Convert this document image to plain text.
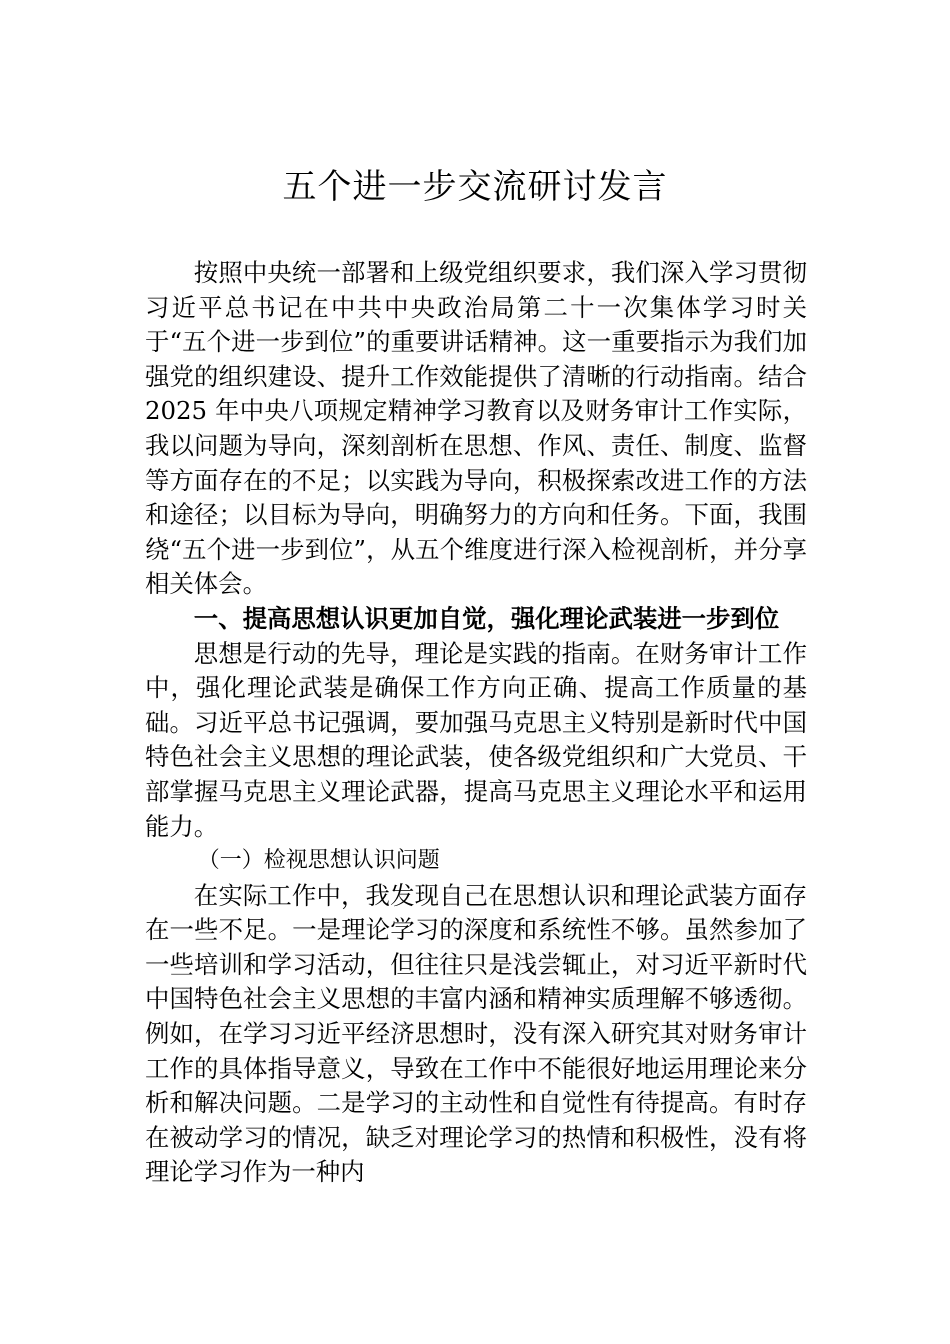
五个进一步交流研讨发言

按照中央统一部署和上级党组织要求，我们深入学习贯彻习近平总书记在中共中央政治局第二十一次集体学习时关于“五个进一步到位”的重要讲话精神。这一重要指示为我们加强党的组织建设、提升工作效能提供了清晰的行动指南。结合 2025 年中央八项规定精神学习教育以及财务审计工作实际，我以问题为导向，深刻剖析在思想、作风、责任、制度、监督等方面存在的不足；以实践为导向，积极探索改进工作的方法和途径；以目标为导向，明确努力的方向和任务。下面，我围绕“五个进一步到位”，从五个维度进行深入检视剖析，并分享相关体会。

一、提高思想认识更加自觉，强化理论武装进一步到位

思想是行动的先导，理论是实践的指南。在财务审计工作中，强化理论武装是确保工作方向正确、提高工作质量的基础。习近平总书记强调，要加强马克思主义特别是新时代中国特色社会主义思想的理论武装，使各级党组织和广大党员、干部掌握马克思主义理论武器，提高马克思主义理论水平和运用能力。

（一）检视思想认识问题

在实际工作中，我发现自己在思想认识和理论武装方面存在一些不足。一是理论学习的深度和系统性不够。虽然参加了一些培训和学习活动，但往往只是浅尝辄止，对习近平新时代中国特色社会主义思想的丰富内涵和精神实质理解不够透彻。例如，在学习习近平经济思想时，没有深入研究其对财务审计工作的具体指导意义，导致在工作中不能很好地运用理论来分析和解决问题。二是学习的主动性和自觉性有待提高。有时存在被动学习的情况，缺乏对理论学习的热情和积极性，没有将理论学习作为一种内
